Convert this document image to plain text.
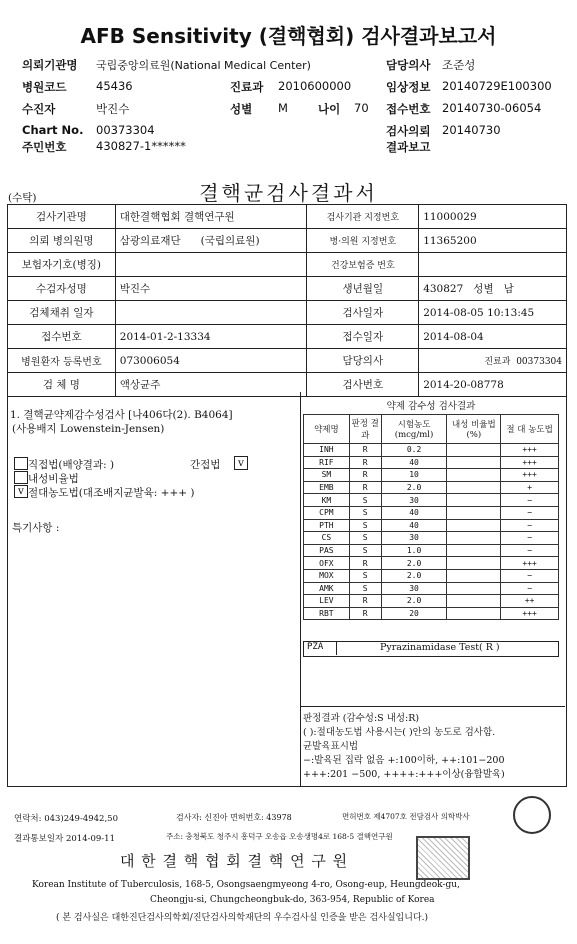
AFB Sensitivity (결핵협회) 검사결과보고서
의뢰기관명 국립중앙의료원(National Medical Center)	담당의사 조준성
병원코드	45436	진료과 2010600000	임상정보 20140729E100300
수진자	박진수	성별 M	나이 70 접수번호 20140730-06054
Chart No. 00373304	검사의뢰 20140730
주민번호	430827-1******	결과보고
(수탁)	결핵균검사결과서
검사기관명	대한결핵협회 결핵연구원	검사기관 지정번호	11000029
의뢰 병의원명	삼광의료재단 (국립의료원)	병·의원 지정번호	11365200
보험자기호(병징)		건강보험증 번호	
수검자성명	박진수	생년월일	430827 성별 남
검체채취 일자		검사일자	2014-08-05 10:13:45
접수번호	2014-01-2-13334	접수일자	2014-08-04
병원환자 등록번호	073006054	담당의사	진료과 00373304
검 체 명	액상균주	검사번호	2014-20-08778
1. 결핵균약제감수성검사 [나406다(2). B4064]
(사용배지 Lowenstein-Jensen)
직접법(배양결과: )	간접법	v
내성비율법
v 절대농도법(대조배지균발육: +++ )
특기사항 :
약제 감수성 검사결과
약제명	판정 결과	시험농도 (mcg/ml)	내성 비율법(%)	절 대 농도법
INH	R	0.2		+++
RIF	R	40		+++
SM	R	10		+++
EMB	R	2.0		+
KM	S	30		−
CPM	S	40		−
PTH	S	40		−
CS	S	30		−
PAS	S	1.0		−
OFX	R	2.0		+++
MOX	S	2.0		−
AMK	S	30		−
LEV	R	2.0		++
RBT	R	20		+++
PZA	Pyrazinamidase Test( R )
판정결과 (감수성:S 내성:R)
( ):절대농도법 사용시는( )안의 농도로 검사함.
균발육표시법
−:발육된 집락 없음 +:100이하, ++:101−200
+++:201 −500, ++++:+++이상(융합발육)
연락처: 043)249-4942,50	검사자: 신진아 면허번호: 43978	면허번호 제4707호 전담검사 의학박사
결과통보일자 2014-09-11	주소: 충청북도 청주시 흥덕구 오송읍 오송생명4로 168-5 결핵연구원
대 한 결 핵 협 회 결 핵 연 구 원
Korean Institute of Tuberculosis, 168-5, Osongsaengmyeong 4-ro, Osong-eup, Heungdeok-gu,
Cheongju-si, Chungcheongbuk-do, 363-954, Republic of Korea
( 본 검사실은 대한진단검사의학회/진단검사의학재단의 우수검사실 인증을 받은 검사실입니다.)
